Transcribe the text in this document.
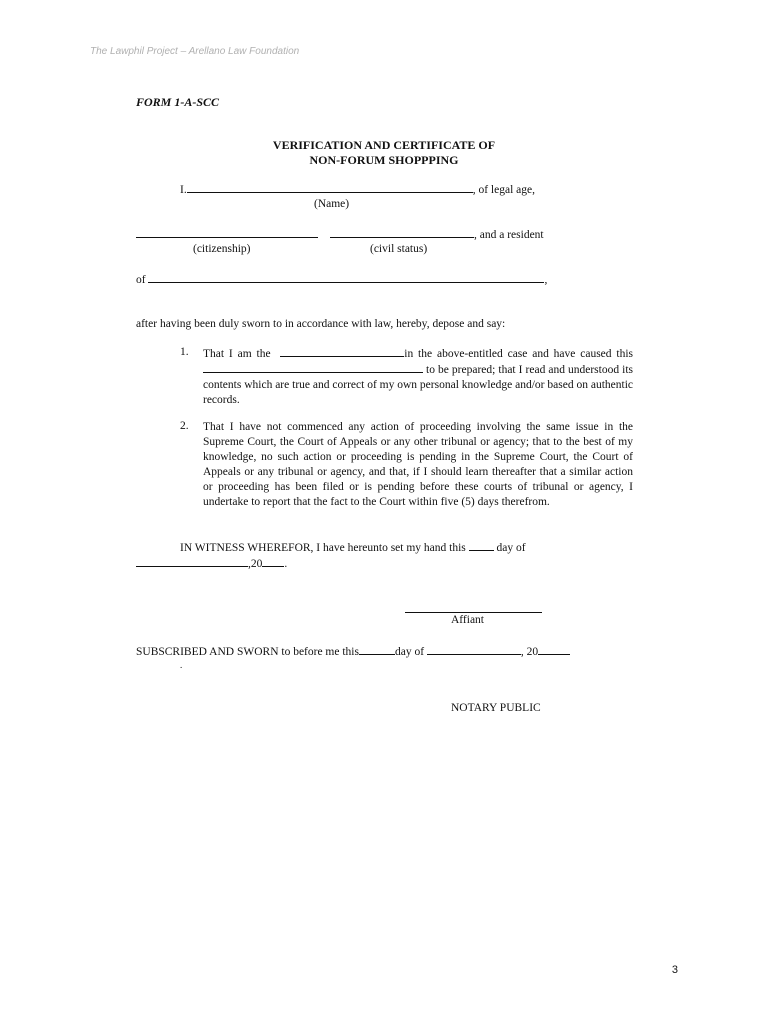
The Lawphil Project – Arellano Law Foundation
FORM 1-A-SCC
VERIFICATION AND CERTIFICATE OF
NON-FORUM SHOPPPING
I.	, of legal age,
(Name)
, and a resident
(citizenship)	(civil status)
of	,
after having been duly sworn to in accordance with law, hereby, depose and say:
1. That I am the	in the above-entitled case and have caused this  to be prepared; that I read and understood its contents which are true and correct of my own personal knowledge and/or based on authentic records.
2. That I have not commenced any action of proceeding involving the same issue in the Supreme Court, the Court of Appeals or any other tribunal or agency; that to the best of my knowledge, no such action or proceeding is pending in the Supreme Court, the Court of Appeals or any tribunal or agency, and that, if I should learn thereafter that a similar action or proceeding has been filed or is pending before these courts of tribunal or agency, I undertake to report that the fact to the Court within five (5) days therefrom.
IN WITNESS WHEREFOR, I have hereunto set my hand this	day of
,20 .
Affiant
SUBSCRIBED AND SWORN to before me this	day of	, 20
.
NOTARY PUBLIC
3
